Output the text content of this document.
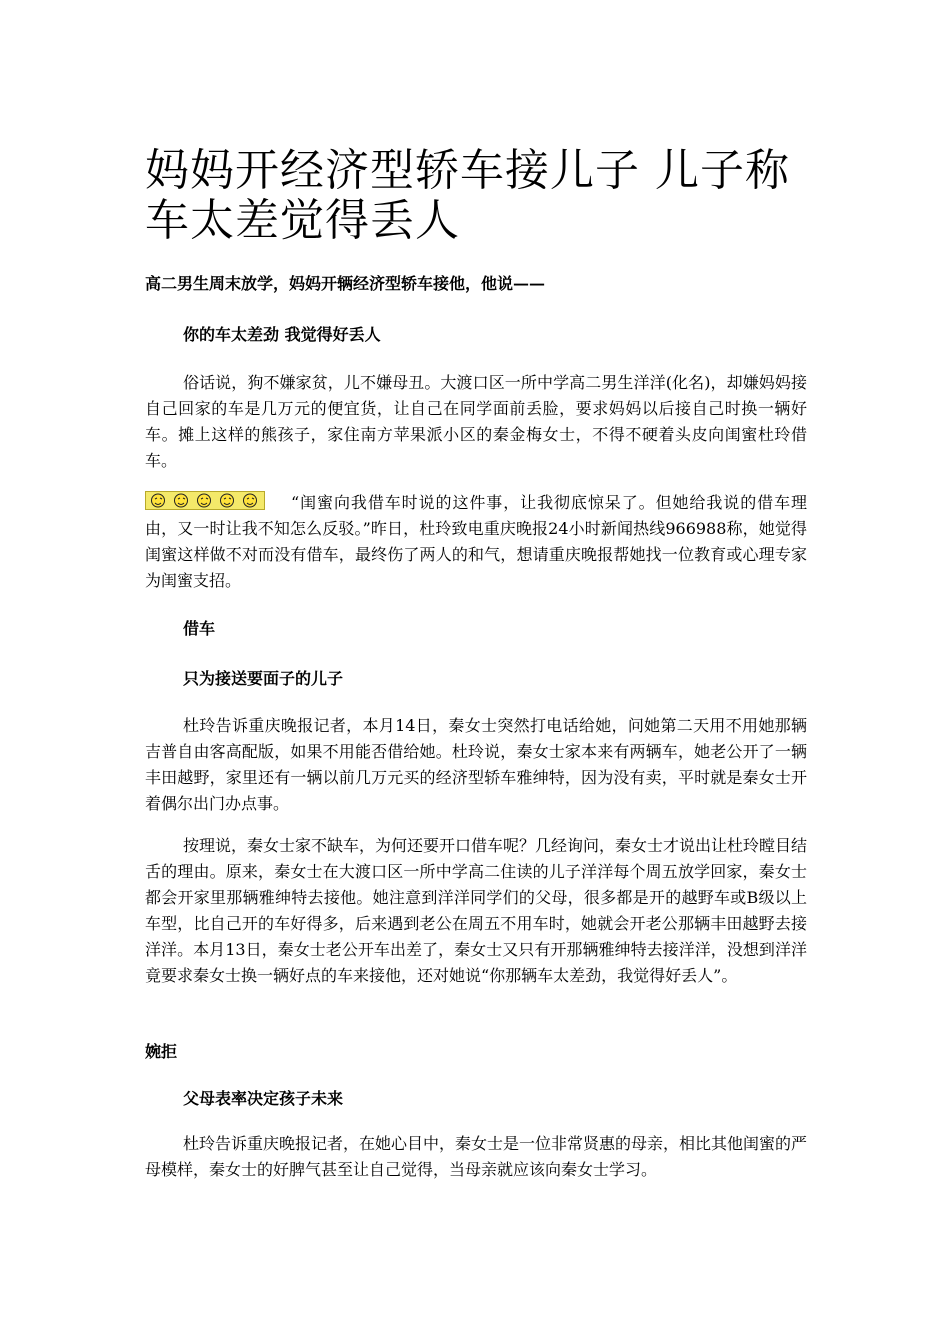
妈妈开经济型轿车接儿子 儿子称车太差觉得丢人

高二男生周末放学，妈妈开辆经济型轿车接他，他说——

你的车太差劲 我觉得好丢人

俗话说，狗不嫌家贫，儿不嫌母丑。大渡口区一所中学高二男生洋洋(化名)，却嫌妈妈接自己回家的车是几万元的便宜货，让自己在同学面前丢脸，要求妈妈以后接自己时换一辆好车。摊上这样的熊孩子，家住南方苹果派小区的秦金梅女士，不得不硬着头皮向闺蜜杜玲借车。

“闺蜜向我借车时说的这件事，让我彻底惊呆了。但她给我说的借车理由，又一时让我不知怎么反驳。”昨日，杜玲致电重庆晚报24小时新闻热线966988称，她觉得闺蜜这样做不对而没有借车，最终伤了两人的和气，想请重庆晚报帮她找一位教育或心理专家为闺蜜支招。

借车

只为接送要面子的儿子

杜玲告诉重庆晚报记者，本月14日，秦女士突然打电话给她，问她第二天用不用她那辆吉普自由客高配版，如果不用能否借给她。杜玲说，秦女士家本来有两辆车，她老公开了一辆丰田越野，家里还有一辆以前几万元买的经济型轿车雅绅特，因为没有卖，平时就是秦女士开着偶尔出门办点事。

按理说，秦女士家不缺车，为何还要开口借车呢？几经询问，秦女士才说出让杜玲瞠目结舌的理由。原来，秦女士在大渡口区一所中学高二住读的儿子洋洋每个周五放学回家，秦女士都会开家里那辆雅绅特去接他。她注意到洋洋同学们的父母，很多都是开的越野车或B级以上车型，比自己开的车好得多，后来遇到老公在周五不用车时，她就会开老公那辆丰田越野去接洋洋。本月13日，秦女士老公开车出差了，秦女士又只有开那辆雅绅特去接洋洋，没想到洋洋竟要求秦女士换一辆好点的车来接他，还对她说“你那辆车太差劲，我觉得好丢人”。

婉拒

父母表率决定孩子未来

杜玲告诉重庆晚报记者，在她心目中，秦女士是一位非常贤惠的母亲，相比其他闺蜜的严母模样，秦女士的好脾气甚至让自己觉得，当母亲就应该向秦女士学习。
